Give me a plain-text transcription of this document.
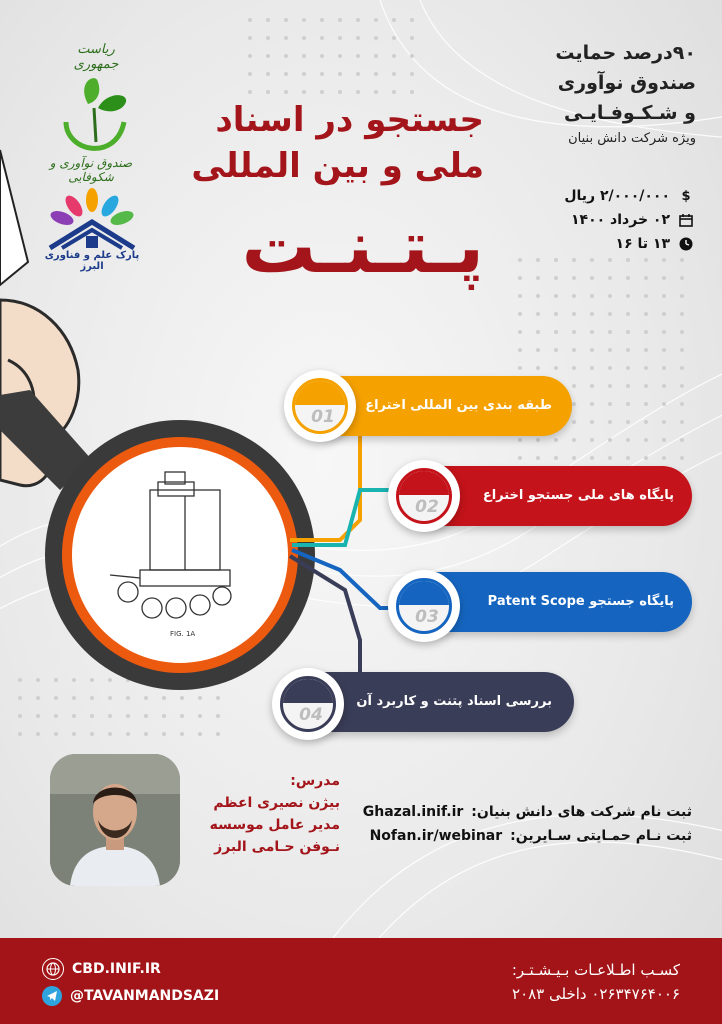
FIG. 1A
ریاست جمهوری
صندوق نوآوری و شکوفایی
پارک علم و فناوری البرز
جستجو در اسناد
ملی و بین المللی
پـتـنـت
۹۰درصد حمایت
صندوق نوآوری
و شـکـوفـایـی
ویژه شرکت دانش بنیان
$
۲/۰۰۰/۰۰۰ ریال
۰۲ خرداد ۱۴۰۰
۱۳ تا ۱۶
طبقه بندی بین المللی اختراع
01
پایگاه های ملی جستجو اختراع
02
پایگاه جستجو Patent Scope
03
بررسی اسناد پتنت و کاربرد آن
04
مدرس:
بیژن نصیری اعظم
مدیر عامل موسسه
نـوفن حـامی البرز
Ghazal.inif.ir ثبت نام شرکت های دانش بنیان:
Nofan.ir/webinar ثبت نـام حمـایتی سـایرین:
CBD.INIF.IR
@TAVANMANDSAZI
کسـب اطـلاعـات بـیـشـتـر:
۰۲۶۳۴۷۶۴۰۰۶ داخلی ۲۰۸۳
